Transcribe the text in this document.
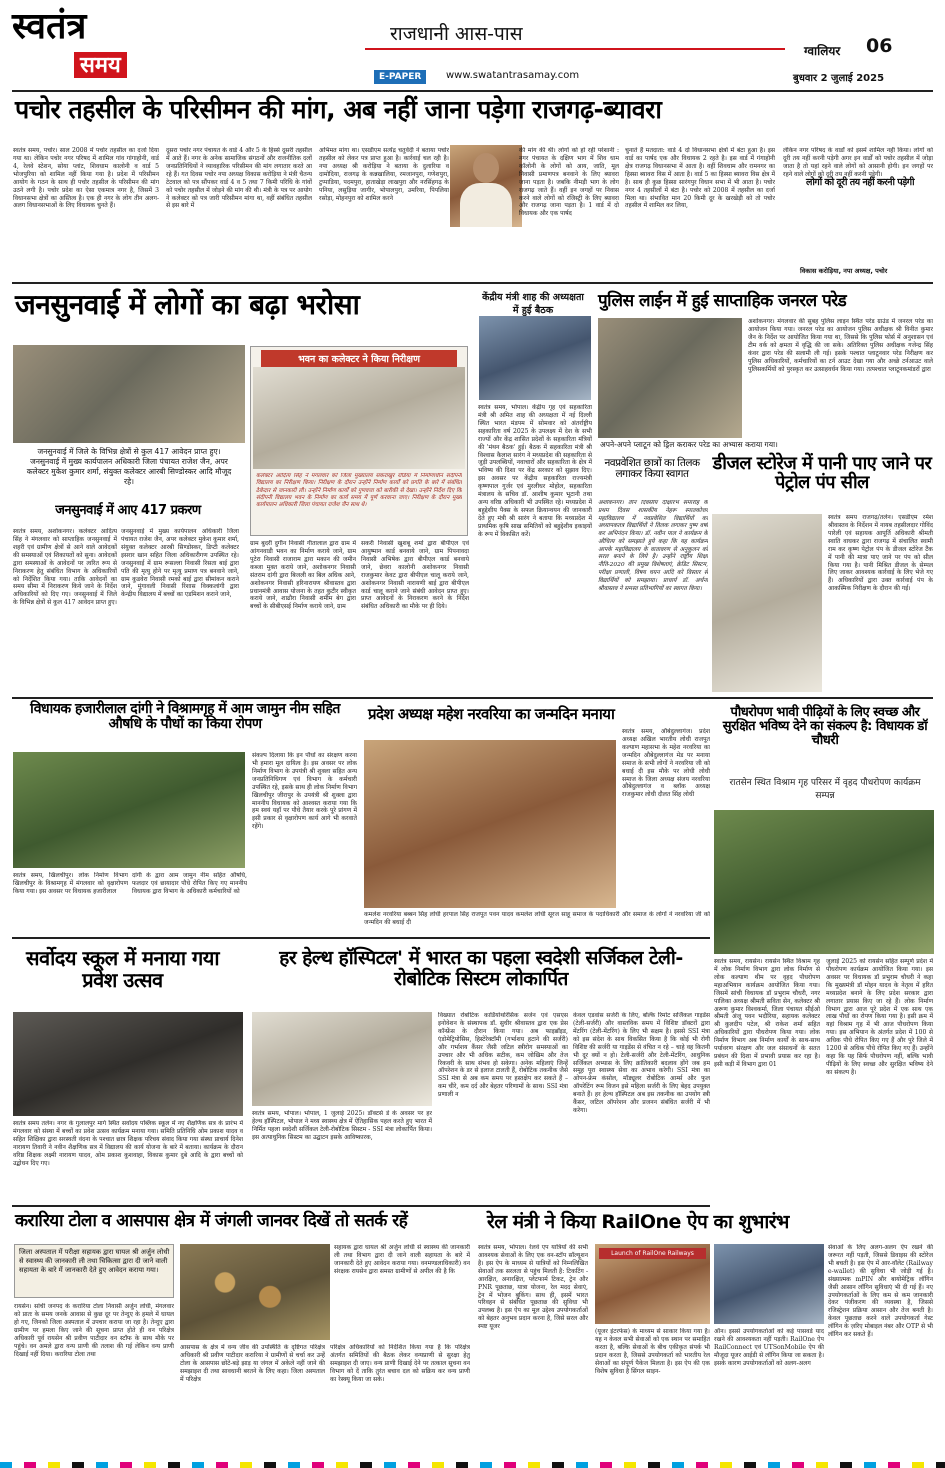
स्वतंत्र
समय
राजधानी आस-पास
E-PAPER	www.swatantrasamay.com
ग्वालियर 06
बुधवार 2 जुलाई 2025
पचोर तहसील के परिसीमन की मांग, अब नहीं जाना पड़ेगा राजगढ़-ब्यावरा
स्वतंत्र समय, पचोर। साल 2008 में पचोर तहसील का दर्जा दिया गया था। लेकिन पचोर नगर परिषद में शामिल गांव गांगाहोनी, वार्ड 4, रेलवे स्टेशन, सोया प्लांट, शिवधाम कालोनी व वार्ड 5 भोजपुरिया को शामिल नहीं किया गया है। प्रदेश में परिसीमन आयोग के गठन के साथ ही पचोर तहसील के परिसीमन की मांग उठने लगी है। पचोर प्रदेश का ऐसा एकमात्र नगर है, जिसमें 3 विधानसभा क्षेत्रों का अस्तित्व है। एक ही नगर के लोग तीन अलग-अलग विधानसभाओं के लिए विधायक चुनते हैं।
दूसरा पचोर नगर पंचायत के वार्ड 4 और 5 के हिस्से दूसरी तहसील में आते हैं। नगर के अनेक सामाजिक संगठनों और राजनीतिक दलों जनप्रतिनिधियों ने व्यावहारिक परिसीमन की मांग लगातार करते आ रहे हैं। गत दिवस पचोर नपा अध्यक्ष विकास करोड़िया ने मंत्री चैतन्य टेटवाल को पत्र सौंपकर वार्ड 4 व 5 तथा 7 किमी परिधि के गांवों को पचोर तहसील में जोड़ने की मांग की थी। मंत्री के पत्र पर आयोग ने कलेक्टर को पत्र जारी परिसीमन मांगा था, वहीं संबंधित तहसील से इस बारे में
अभिमत मांगा था। एसडीएम सत्येंद्र चतुर्वेदी ने बताया पचोर तहसील को लेकर पत्र प्राप्त हुआ है। कार्रवाई चल रही है। नपा अध्यक्ष श्री करोड़िया ने बताया के दुलारिया व दामोदिया, राजगढ़ के कन्नखालिया, रमजानपुरा, गणेशपुरा, टुप्पाडिया, पदमपुरा, हाताखेड़ा लाखपुरा और नरसिंहगढ़ के पनिया, लसुड़िया जागीर, भोपालपुरा, उमरिया, पिपलिया रसोड़ा, मोहनपुरा को शामिल करने
की मांग की थी। लोगों को हो रही परेशानी : नगर पंचायत के दक्षिण भाग में शिव धाम कॉलोनी के लोगों को आय, जाति, मूल निवासी प्रमाणपत्र बनवाने के लिए ब्यावरा जाना पड़ता है। जबकि नीमड़ी भाग के लोग राजगढ़ जाते हैं। वहीं इन जगहों पर निवास करने वाले लोगों को रजिस्ट्री के लिए ब्यावरा और राजगढ़ जाना पड़ता है। 1 वार्ड में दो विधायक और एक पार्षद
चुनाते हैं मतदाता: वार्ड 4 दो विधानसभा क्षेत्रों में बंटा हुआ है। इस वार्ड का पार्षद एक और विधायक 2 रहते है। इस वार्ड में गंगाहोनी क्षेत्र राजगढ़ विधानसभा में आता है। वहीं शिवधाम और रामनगर का हिस्सा ब्यावरा विस में आता है। वार्ड 5 का हिस्सा ब्यावरा विस क्षेत्र में है। साथ ही कुछ हिस्सा सारंगपुर विधान सभा में भी आता है। पचोर नगर 4 तहसीलों में बंटा है। पचोर को 2008 में तहसील का दर्जा मिला था। संभावित मान 20 किमी दूर के खरखेड़ी को तो पचोर तहसील में शामिल कर लिया,
लेकिन नगर परिषद के वार्डों को इसमें शामिल नहीं किया। लोगों को दूरी तय नहीं करनी पड़ेगी अगर इन वार्डों को पचोर तहसील में जोड़ा जाता है तो यहां रहने वाले लोगों को आसानी होगी। इन जगहों पर रहने वाले लोगों को दूरी तय नहीं करनी पड़ेगी।
लोगों को दूरी तय नहीं करनी पड़ेगी
विकास करोड़िया, नपा अध्यक्ष, पचोर
जनसुनवाई में लोगों का बढ़ा भरोसा
जनसुनवाई में जिले के विभिन्न क्षेत्रों से कुल 417 आवेदन प्राप्त हुए। जनसुनवाई में मुख्य कार्यपालन अधिकारी जिला पंचायत राजेश जैन, अपर कलेक्टर मुकेश कुमार शर्मा, संयुक्त कलेक्टर आरबी सिण्डोस्कर आदि मौजूद रहे।
भवन का कलेक्टर ने किया निरीक्षण
कलेक्टर आदित्य सिंह ने मंगलवार को जिला मुख्यालय संकराखुर रोडिया में निर्माणाधीन संदीपनी विद्यालय का निरीक्षण किया। निरीक्षण के दौरान उन्होंने निर्माण कार्यों को प्रगति के बारे में संबंधित ठेकेदार से जानकारी ली। उन्होंने निर्माण कार्यों को गुणवत्ता को बारीकी से देखा। उन्होंने निर्देश दिए कि संदीपनी विद्यालय भवन के निर्माण का कार्य समय में पूर्ण करवाना जाए। निरीक्षण के दौरान मुख्य कार्यपालन अधिकारी जिला पंचायत राजेश जैन साथ थे।
जनसुनवाई में आए 417 प्रकरण
स्वतंत्र समय, अशोकनगर। कलेक्टर आदित्य सिंह ने मंगलवार को साप्ताहिक जनसुनवाई में शहरी एवं ग्रामीण क्षेत्रों से आने वाले आवेदकों की समस्याओं एवं शिकायतों को सुना। आवेदकों द्वारा समस्याओं के आवेदनों पर त्वरित रूप से निराकरण हेतु संबंधित विभाग के अधिकारियों को निर्देशित किया गया। ताकि आवेदनों का समय सीमा में निराकरण किये जाने के निर्देश अधिकारियों को दिए गए। जनसुनवाई में जिले के विभिन्न क्षेत्रों से कुल 417 आवेदन प्राप्त हुए।
जनसुनवाई में मुख्य कार्यपालन अधिकारी जिला पंचायत राजेश जैन, अपर कलेक्टर मुकेश कुमार शर्मा, संयुक्त कलेक्टर आरबी सिण्डोस्कर, डिप्टी कलेक्टर इसरार खान सहित जिला अधिकारीगण उपस्थित रहे। जनसुनवाई में ग्राम रूसल्ला निवासी रिसता बाई द्वारा पति की मृत्यु होने पर मृत्यु प्रमाण पत्र बनवाने जाने, ग्राम कुडवेरा निवासी रमको बाई द्वारा सीमांकन कराने जाने, मुंगावली निवासी रिंशास विक्कलांगी द्वारा केन्द्रीय विद्यालय में बच्चों का एडमिशन कराने जाने,
ग्राम बुदर्री दुर्गीन निवासी गीतालाल द्वारा ग्राम में आंगनवाडी भवन का निर्माण कराये जाने, ग्राम पुटेरा निवासी राजाराम द्वारा मकान की जमीन कब्जा मुक्त कराये जाने, अशोकनगर निवासी संतराम दांगी द्वारा बिजली का बिल अधिक आने, अशोकनगर निवासी हरिनारायण श्रीवास्तव द्वारा प्रधानमंत्री आवास योजना के तहत कुटीर स्वीकृत कराये जाने, शाढौरा निवासी शमीम बेग द्वारा बच्चों के सीबीएसई निर्माण कराये जाने, ग्राम
सकरी निवासी खुशबू शर्मा द्वारा बीपीएल एवं आयुष्मान कार्ड बनवाये जाने, ग्राम पिपनावदा निवासी अभिषेक द्वारा बीपीएल कार्ड बनवाये जाने, छेवरा कालोनी अशोकनगर निवासी राजकुमार केवट द्वारा बीपीएल चालू कराये जाने, अशोकनगर निवासी नारायणी बाई द्वारा बीपीएल कार्ड चालू कराने जाने संबंधी आवेदन प्राप्त हुए। प्राप्त आवेदनों के निराकरण करने के निर्देश संबंधित अधिकारी का मौके पर ही दिये।
केंद्रीय मंत्री शाह की अध्यक्षता में हुई बैठक
स्वतंत्र समय, भोपाल। केंद्रीय गृह एवं सहकारिता मंत्री श्री अमित शाह की अध्यक्षता में नई दिल्ली स्थित भारत मंडपम में सोमवार को अंतर्राष्ट्रीय सहकारिता वर्ष 2025 के उपलक्ष्य में देश के सभी राज्यों और केंद्र शासित प्रदेशों के सहकारिता मंत्रियों की 'मंथन बैठक' हुई। बैठक में सहकारिता मंत्री श्री विश्वास कैलाश सारंग ने मध्यप्रदेश की सहकारिता से जुड़ी उपलब्धियों, नवाचारों और सहकारिता के क्षेत्र में भविष्य की दिशा पर केंद्र सरकार को सुझाव दिए। इस अवसर पर केंद्रीय सहकारिता राज्यमंत्री कृष्णपाल गुर्जर एवं मुरलीधर मोहोल, सहकारिता मंत्रालय के सचिव डॉ. आशीष कुमार भूटानी तथा अन्य वरिष्ठ अधिकारी भी उपस्थित रहे। मध्यप्रदेश में बहुद्देशीय पैक्स के सफल क्रियान्वयन की जानकारी देते हुए मंत्री श्री सारंग ने बताया कि मध्यप्रदेश में प्राथमिक कृषि साख समितियों को बहुद्देशीय इकाइयों के रूप में विकसित करें।
पुलिस लाईन में हुई साप्ताहिक जनरल परेड
अशोकनगर। मंगलवार की सुबह पुलिस लाइन स्थित परेड ग्राउंड में जनरल परेड का आयोजन किया गया। जनरल परेड का आयोजन पुलिस अधीक्षक श्री विनीत कुमार जैन के निर्देश पर आयोजित किया गया था, जिससे कि पुलिस फोर्स में अनुशासन एवं टीम वर्क को क्षमता में वृद्धि की जा सके। अतिरिक्त पुलिस अधीक्षक गजेन्द्र सिंह कंवर द्वारा परेड की सलामी ली गई। इसके पश्चात प्लाटूनवार परेड निरीक्षण कर पुलिस अधिकारियों, कर्मचारियों का टर्न आउट देखा गया और अच्छे टर्नआउट वाले पुलिसकर्मियों को पुरस्कृत कर उत्साहवर्धन किया गया। तत्पश्चात प्लाटूनकमांडरों द्वारा
अपने-अपने प्लाटून को ड्रिल कराकर परेड का अभ्यास कराया गया।
नवप्रवेशित छात्रों का तिलक लगाकर किया स्वागत
अशोकनगर। तीन दिवसीय दीक्षारंभ समारोह के प्रथम दिवस शासकीय नेहरू स्नातकोत्तर महाविद्यालय में नवप्रवेशित विद्यार्थियों का अध्यापकतत्र विद्यार्थियों ने तिलक लगाकर पुष्प वर्षा कर अभिनंदन किया। डॉ. नवीन पाल ने कार्यक्रम के औचित्य को समझाते हुये कहा कि यह कार्यक्रम आपके महाविद्यालय के वातावरण से अनुकूलन को सरल बनाने के लिये है। उन्होंने राष्ट्रीय शिक्षा नीति-2020 की प्रमुख विशेषताएं, क्रेडिट सिस्टम, परीक्षा प्रणाली, विषय चयन आदि को विस्तार से विद्यार्थियों को समझाया। प्राचार्य डॉ. अर्चना श्रीवास्तव ने समस्त प्रतिभागियों का स्वागत किया।
डीजल स्टोरेज में पानी पाए जाने पर पेट्रोल पंप सील
स्वतंत्र समय राजगढ़/तलेन। एसडीएम रमेश श्रीवास्तव के निर्देशन में नायब तहसीलदार गोविंद पारेली एवं सहायक आपूर्ति अधिकारी श्रीमती स्वाति वाघकर द्वारा राजगढ़ में संचालित स्वामी राम कर कृष्ण पेट्रोल पंप के डीजल स्टोरेज टैंक में पानी की मात्रा पाए जाने पर पंप को सील किया गया है। पानी मिश्रित डीजल के सेम्पल लिए जाकर आवश्यक कार्रवाई के लिए भेजे गए हैं। अधिकारियों द्वारा उक्त कार्रवाई पंप के आकस्मिक निरीक्षण के दौरान की गई।
विधायक हजारीलाल दांगी ने विश्रामगृह में आम जामुन नीम सहित औषधि के पौधों का किया रोपण
स्वतंत्र समय, खिलचीपुर। लोक निर्माण विभाग खिलचीपुर के विश्रामगृह में मंगलवार को वृक्षारोपण किया गया। इस अवसर पर विधायक हजारीलाल
दांगी के द्वारा आम जामुन नीम सहित औषधि, फलदार एवं छायादार पौधे रोपित किए गए माननीय विधायक द्वारा विभाग के अधिकारी कर्मचारियों को
संकल्प दिलाया कि इन पौधों का संरक्षण करना भी हमारा मूल दायित्व है। इस अवसर पर लोक निर्माण विभाग के उपयंत्री श्री शुक्ला सहित अन्य जनप्रतिनिधिगण एवं विभाग के कर्मचारी उपस्थित रहे, इसके साथ ही लोक निर्माण विभाग खिलचीपुर जीरापुर के उपयंत्री श्री शुक्ला द्वारा माननीय विधायक को आश्वस्त कराया गया कि हम स्वयं यहाँ पर पौधे तैयार करके पूरे प्रांगण में इसी प्रकार से वृक्षारोपण कार्य आगे भी करवाते रहेंगे।
प्रदेश अध्यक्ष महेश नरवरिया का जन्मदिन मनाया
स्वतंत्र समय, औबेदुल्लागंज। प्रदेश अध्यक्ष अखिल भारतीय लोधी राजपूत कल्याण महासभा के महेश नरवरिया का जन्मदिन औबेदुल्लागंज मेड पर मनाया समाज के सभी लोगों ने नरवरिया जी को बधाई दी इस मौके पर लोधी लोधी समाज के जिला अध्यक्ष संजय नरवरिया औबेदुल्लागंज व ब्लॉक अध्यक्ष राजकुमार लोधी दौलत सिंह लोधी
कमलेश नरवरिया बब्बन सिंह लोधी हरपाल सिंह राजपूत पवन यादव कमलेश लोधी सूरज साहू समाज के पदाधिकारी और समाज के लोगों ने नरवरिया जी को जन्मदिन की बधाई दी
पौधरोपण भावी पीढ़ियों के लिए स्वच्छ और सुरक्षित भविष्य देने का संकल्प है: विधायक डॉ चौधरी
रातसेन स्थित विश्राम गृह परिसर में वृहद पौधरोपण कार्यक्रम सम्पन्न
स्वतंत्र समय, रायसेन। रायसेन स्थित विश्राम गृह में लोक निर्माण विभाग द्वारा लोक निर्माण से लोक कल्याण थीम पर वृहद पौधरोपण महाअभियान कार्यक्रम आयोजित किया गया। जिसमें सांची विधायक डॉ प्रभुराम चौधरी, नगर पालिका अध्यक्ष श्रीमती सविता सेन, कलेक्टर श्री अरूण कुमार विश्वकर्मा, जिला पंचायत सीईओ श्रीमती अंजू पवन भदौरिया, सहायक कलेक्टर श्री कुलदीप पटेल, श्री राकेश शर्मा सहित अधिकारियों द्वारा पौधरोपण किया गया। लोक निर्माण विभाग अब निर्माण कार्यों के साथ-साथ पर्यावरण संरक्षण और जल संसाधनों के सतत प्रबंधन की दिशा में प्रभावी प्रयास कर रहा है। इसी कड़ी में विभाग द्वारा 01
जुलाई 2025 को रायसेन सहित सम्पूर्ण प्रदेश में पौधरोपण कार्यक्रम आयोजित किया गया। इस अवसर पर विधायक डॉ प्रभुराम चौधरी ने कहा कि मुख्यमंत्री डॉ मोहन यादव के नेतृत्व में हरित मध्यप्रदेश बनाने के लिए प्रदेश सरकार द्वारा लगातार प्रयास किए जा रहे हैं। लोक निर्माण विभाग द्वारा आज पूरे प्रदेश में एक साथ एक लाख पौधों का रोपण किया गया है। इसी क्रम में यहां विश्राम गृह में भी आज पौधरोपण किया गया। इस अभियान के अंतर्गत प्रदेश में 100 से अधिक पौधे रोपित किए गए हैं और पुरे जिले में 1200 से अधिक पौधे रोपित किए गए हैं। उन्होंने कहा कि यह सिर्फ पौधरोपण नहीं, बल्कि भावी पीढ़ियों के लिए स्वच्छ और सुरक्षित भविष्य देने का संकल्प है।
सर्वोदय स्कूल में मनाया गया प्रवेश उत्सव
स्वतंत्र समय तलेन। नगर के गुलालपुर मार्ग स्थित सर्वोदय पब्लिक स्कूल में नए शैक्षणिक सत्र के प्रारंभ में मंगलवार को संस्था में बच्चों का प्रवेश उत्सव कार्यक्रम मनाया गया। समिति प्रतिनिधि ओम प्रकाश यादव व सहित शिक्षिका द्वारा सरस्वती वंदना के पश्चात छात्र शिक्षक परिचय संवाद किया गया संस्था प्राचार्य दिनेश नारायण तिवारी ने नवीन शैक्षणिक सत्र में विद्यालय की कार्य योजना के बारे में बताया। कार्यक्रम के दौरान वरिष्ठ शिक्षक लक्ष्मी नारायण यादव, ओम प्रकाश कुशवाहा, विकास कुमार दुबे आदि के द्वारा बच्चों को उद्बोधन दिए गए।
हर हेल्थ हॉस्पिटल' में भारत का पहला स्वदेशी सर्जिकल टेली-रोबोटिक सिस्टम लोकार्पित
स्वतंत्र समय, भोपाल। भोपाल, 1 जुलाई 2025। डॉक्टर्स डे के अवसर पर हर हेल्थ हॉस्पिटल, भोपाल ने मध्य स्वास्थ्य क्षेत्र में ऐतिहासिक पहल करते हुए भारत में निर्मित पहला स्वदेशी सर्जिकल टेली-रोबोटिक सिस्टम - SSI मंत्रा लोकार्पित किया। इस अत्याधुनिक सिस्टम का उद्घाटन इसके आविष्कारक,
विख्यात रोबोटिक कार्डियोथोरेसिक सर्जन एवं एसएस इनोवेशन के संस्थापक डॉ. सुधीर श्रीवास्तव द्वारा एक प्रेस कॉन्फ्रेंस के दौरान किया गया। अब फाइब्रॉइड, एंडोमेट्रियोसिस, हिस्टेरेक्टॉमी (गर्भाशय हटाने की सर्जरी) और गर्भाशय कैंसर जैसी जटिल स्त्रीरोग समस्याओं का उपचार और भी अधिक सटीक, कम जोखिम और तेज रिकवरी के साथ संभव हो सकेगा। अनेक महिलाएं जिन्हें ऑपरेशन के डर से इलाज टालती हैं, रोबोटिक तकनीक जैसे SSI मंत्रा से अब कम समय पर हस्तक्षेप कर सकते हैं – कम चीरे, कम दर्द और बेहतर परिणामों के साथ। SSI मंत्रा प्रणाली न
केवल एडवांस सर्जरी के लिए, बल्कि रिमोट सर्जिकल गाइडेंस (टेली-सर्जरी) और वास्तविक समय में विशिष्ट डॉक्टरों द्वारा मेंटरिंग (टेली-मेंटरिंग) के लिए भी सक्षम है। इससे SSI मंत्रा को इस संदेश के साथ विकसित किया है कि कोई भी रोगी विशिष्ट की सर्जरी या गाइडेंस से वंचित न रहे – चाहे वह कितनी भी दूर क्यों न हो। टेली-सर्जरी और टेली-मेंटरिंग, आधुनिक सर्जिकल अभ्यास के लिए क्रांतिकारी बदलाव होंगे जब हम समूह पूरा स्वास्थ्य सेवा का अभाव करेगी। SSI मंत्रा का ओपन-फ्रेम कंसोल, मॉड्यूलर रोबोटिक आर्म्स और फुल ऑपरेटिंग रूम विजन इसे महिला सर्जरी के लिए बेहद उपयुक्त बनाते हैं। हर हेल्थ हॉस्पिटल अब इस तकनीक का उपयोग स्त्री कैंसर, जटिल ऑपरेशन और प्रजनन संबंधित सर्जरी में भी करेगा।
करारिया टोला व आसपास क्षेत्र में जंगली जानवर दिखें तो सतर्क रहें
जिला अस्पताल में परीक्षा सहायक द्वारा घायल श्री अर्जुन लोधी से स्वास्थ्य की जानकारी ली तथा चिकित्सा द्वारा दी जाने वाली सहायता के बारे में जानकारी देते हुए आवेदन कराया गया।
रायसेन। सांची जनपद के करारिया टोला निवासी अर्जुन लोधी, मंगलवार को प्रातः के समय जनके आवास से कुछ दूर पर तेन्दुए के हमले में घायल हो गए, जिनको जिला अस्पताल में उपचार कराया जा रहा है। तेन्दुए द्वारा ग्रामीण पर हमला किए जाने की सूचना प्राप्त होते ही वन परिक्षेत्र अधिकारी पूर्व रायसेन श्री प्रवीण पाटीदार वन स्टॉफ के साथ मौके पर पहुंचे। वन अमले द्वारा वन्य प्राणी की तलाश की गई लेकिन वन्य प्राणी दिखाई नहीं दिया। करारिया टोला तथा
सहायक द्वारा घायल श्री अर्जुन लोधी से स्वास्थ्य की जानकारी ली तथा विभाग द्वारा दी जाने वाली सहायता के बारे में जानकारी देते हुए आवेदन कराया गया। वनमण्डलाधिकारी) वन संरक्षक रायसेन द्वारा समस्त ग्रामीणों से अपील की है कि
आसपास के क्षेत्र में वन्य जीव की उपस्थिति के दृष्टिगत परिक्षेत्र अधिकारी श्री प्रवीण पाटीदार करारिया ने ग्रामीणों से चर्चा कर उन्हें टोला के आसपास छोटे-बड़े झाड़ या जंगल में अकेले नहीं जाने की समझाइश दी तथा सावधानी बरतने के लिए कहा। जिला अस्पताल में परिक्षेत्र
परिक्षेत्र अधिकारियों को निर्देशित किया गया है कि परिक्षेत्र अंतर्गत समितियों की बैठक लेकर वन्यप्राणी से सुरक्षा हेतु समझाइश दी जाए। वन्य प्राणी दिखाई देने पर तत्काल सूचना वन विभाग को दें ताकि तुरंत बचाव दल को सक्रिय कर वन्य प्राणी का रेस्क्यू किया जा सके।
रेल मंत्री ने किया RailOne ऐप का शुभारंभ
स्वतंत्र समय, भोपाल। रेलवे एप यात्रियों की सभी आवश्यक सेवाओं के लिए एक वन-स्टॉप सॉल्यूशन है। इस ऐप के माध्यम से यात्रियों को निम्नलिखित सेवाओं तक सरलता से पहुंच मिलती है: टिकटिंग - आरक्षित, अनारक्षित, प्लेटफार्म टिकट, ट्रेन और PNR पूछताछ, यात्रा योजना, रेल मदद सेवाएं, ट्रेन में भोजन बुकिंग। साथ ही, इसमें भारत परिवहन से संबंधित पूछताछ की सुविधा भी उपलब्ध है। इस ऐप का मूल उद्देश्य उपयोगकर्ताओं को बेहतर अनुभव प्रदान करना है, जिसे सरल और स्पष्ट यूजर
Launch of RailOne Railways
(यूजर इंटरफेस) के माध्यम से साकार किया गया है। यह न केवल सभी सेवाओं को एक स्थान पर समाहित करता है, बल्कि सेवाओं के बीच एकीकृत संपर्क भी प्रदान करता है, जिससे उपयोगकर्ता को भारतीय रेल सेवाओं का संपूर्ण पैकेज मिलता है। इस ऐप की एक विशेष सुविधा है सिंगल साइन-
ऑन। इससे उपयोगकर्ताओं को कई पासवर्ड याद रखने की आवश्यकता नहीं पड़ती। RailOne ऐप RailConnect एवं UTSonMobile ऐप की मौजूदा यूजर आईडी से लॉगिन किया जा सकता है। इसके कारण उपयोगकर्ताओं को अलग-अलग
सेवाओं के लिए अलग-अलग ऐप रखने की जरूरत नहीं पड़ती, जिससे डिवाइस की स्टोरेज भी बचती है। इस ऐप में आर-वॉलेट (Railway e-wallet) की सुविधा भी जोड़ी गई है। संख्यात्मक mPIN और बायोमेट्रिक लॉगिन जैसी आसान लॉगिन सुविधाएं भी दी गई हैं। नए उपयोगकर्ताओं के लिए कम से कम जानकारी देकर पंजीकरण की व्यवस्था है, जिससे रजिस्ट्रेशन प्रक्रिया आसान और तेज बनती है। केवल पूछताछ करने वाले उपयोगकर्ता गेस्ट लॉगिन के ज़रिए मोबाइल नंबर और OTP से भी लॉगिन कर सकते हैं।
